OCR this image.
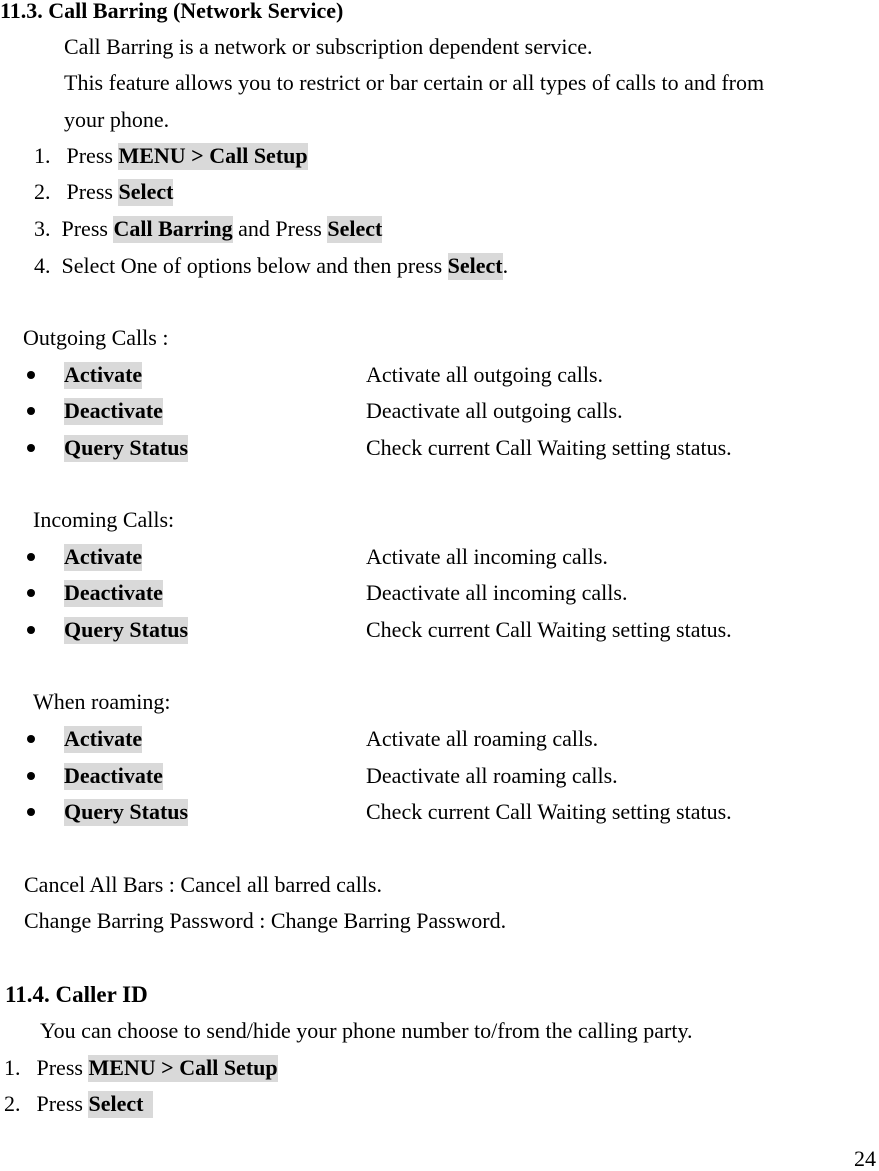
11.3. Call Barring (Network Service)
Call Barring is a network or subscription dependent service.
This feature allows you to restrict or bar certain or all types of calls to and from
your phone.
1. Press MENU > Call Setup
2. Press Select
3. Press Call Barring and Press Select
4. Select One of options below and then press Select.
Outgoing Calls :
Activate	Activate all outgoing calls.
Deactivate	Deactivate all outgoing calls.
Query Status	Check current Call Waiting setting status.
Incoming Calls:
Activate	Activate all incoming calls.
Deactivate	Deactivate all incoming calls.
Query Status	Check current Call Waiting setting status.
When roaming:
Activate	Activate all roaming calls.
Deactivate	Deactivate all roaming calls.
Query Status	Check current Call Waiting setting status.
Cancel All Bars : Cancel all barred calls.
Change Barring Password : Change Barring Password.
11.4. Caller ID
You can choose to send/hide your phone number to/from the calling party.
1. Press MENU > Call Setup
2. Press Select
24
